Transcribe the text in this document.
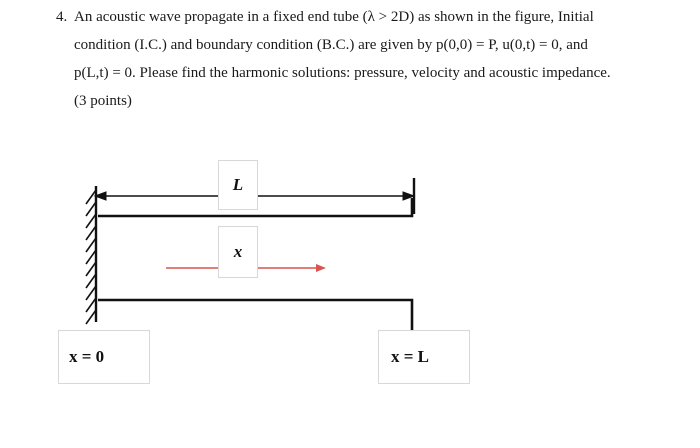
4. An acoustic wave propagate in a fixed end tube (λ > 2D) as shown in the figure, Initial
condition (I.C.) and boundary condition (B.C.) are given by p(0,0) = P, u(0,t) = 0, and
p(L,t) = 0. Please find the harmonic solutions: pressure, velocity and acoustic impedance.
(3 points)
L
x
x = 0	x = L
